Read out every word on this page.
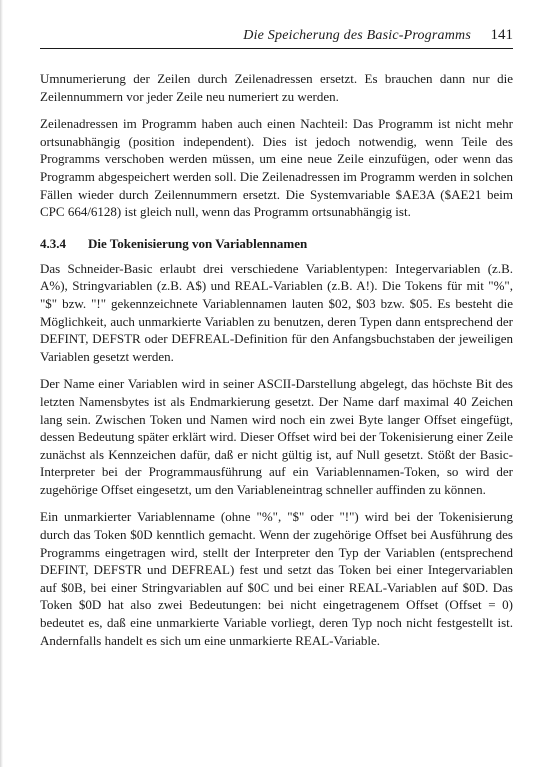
Die Speicherung des Basic-Programms 141

Umnumerierung der Zeilen durch Zeilenadressen ersetzt. Es brauchen dann nur die Zeilennummern vor jeder Zeile neu numeriert zu werden.

Zeilenadressen im Programm haben auch einen Nachteil: Das Programm ist nicht mehr ortsunabhängig (position independent). Dies ist jedoch notwendig, wenn Teile des Programms verschoben werden müssen, um eine neue Zeile einzufügen, oder wenn das Programm abgespeichert werden soll. Die Zeilenadressen im Programm werden in solchen Fällen wieder durch Zeilennummern ersetzt. Die Systemvariable $AE3A ($AE21 beim CPC 664/6128) ist gleich null, wenn das Programm ortsunabhängig ist.

4.3.4 Die Tokenisierung von Variablennamen

Das Schneider-Basic erlaubt drei verschiedene Variablentypen: Integervariablen (z.B. A%), Stringvariablen (z.B. A$) und REAL-Variablen (z.B. A!). Die Tokens für mit "%", "$" bzw. "!" gekennzeichnete Variablennamen lauten $02, $03 bzw. $05. Es besteht die Möglichkeit, auch unmarkierte Variablen zu benutzen, deren Typen dann entsprechend der DEFINT, DEFSTR oder DEFREAL-Definition für den Anfangsbuchstaben der jeweiligen Variablen gesetzt werden.

Der Name einer Variablen wird in seiner ASCII-Darstellung abgelegt, das höchste Bit des letzten Namensbytes ist als Endmarkierung gesetzt. Der Name darf maximal 40 Zeichen lang sein. Zwischen Token und Namen wird noch ein zwei Byte langer Offset eingefügt, dessen Bedeutung später erklärt wird. Dieser Offset wird bei der Tokenisierung einer Zeile zunächst als Kennzeichen dafür, daß er nicht gültig ist, auf Null gesetzt. Stößt der Basic-Interpreter bei der Programmausführung auf ein Variablennamen-Token, so wird der zugehörige Offset eingesetzt, um den Variableneintrag schneller auffinden zu können.

Ein unmarkierter Variablenname (ohne "%", "$" oder "!") wird bei der Tokenisierung durch das Token $0D kenntlich gemacht. Wenn der zugehörige Offset bei Ausführung des Programms eingetragen wird, stellt der Interpreter den Typ der Variablen (entsprechend DEFINT, DEFSTR und DEFREAL) fest und setzt das Token bei einer Integervariablen auf $0B, bei einer Stringvariablen auf $0C und bei einer REAL-Variablen auf $0D. Das Token $0D hat also zwei Bedeutungen: bei nicht eingetragenem Offset (Offset = 0) bedeutet es, daß eine unmarkierte Variable vorliegt, deren Typ noch nicht festgestellt ist. Andernfalls handelt es sich um eine unmarkierte REAL-Variable.
